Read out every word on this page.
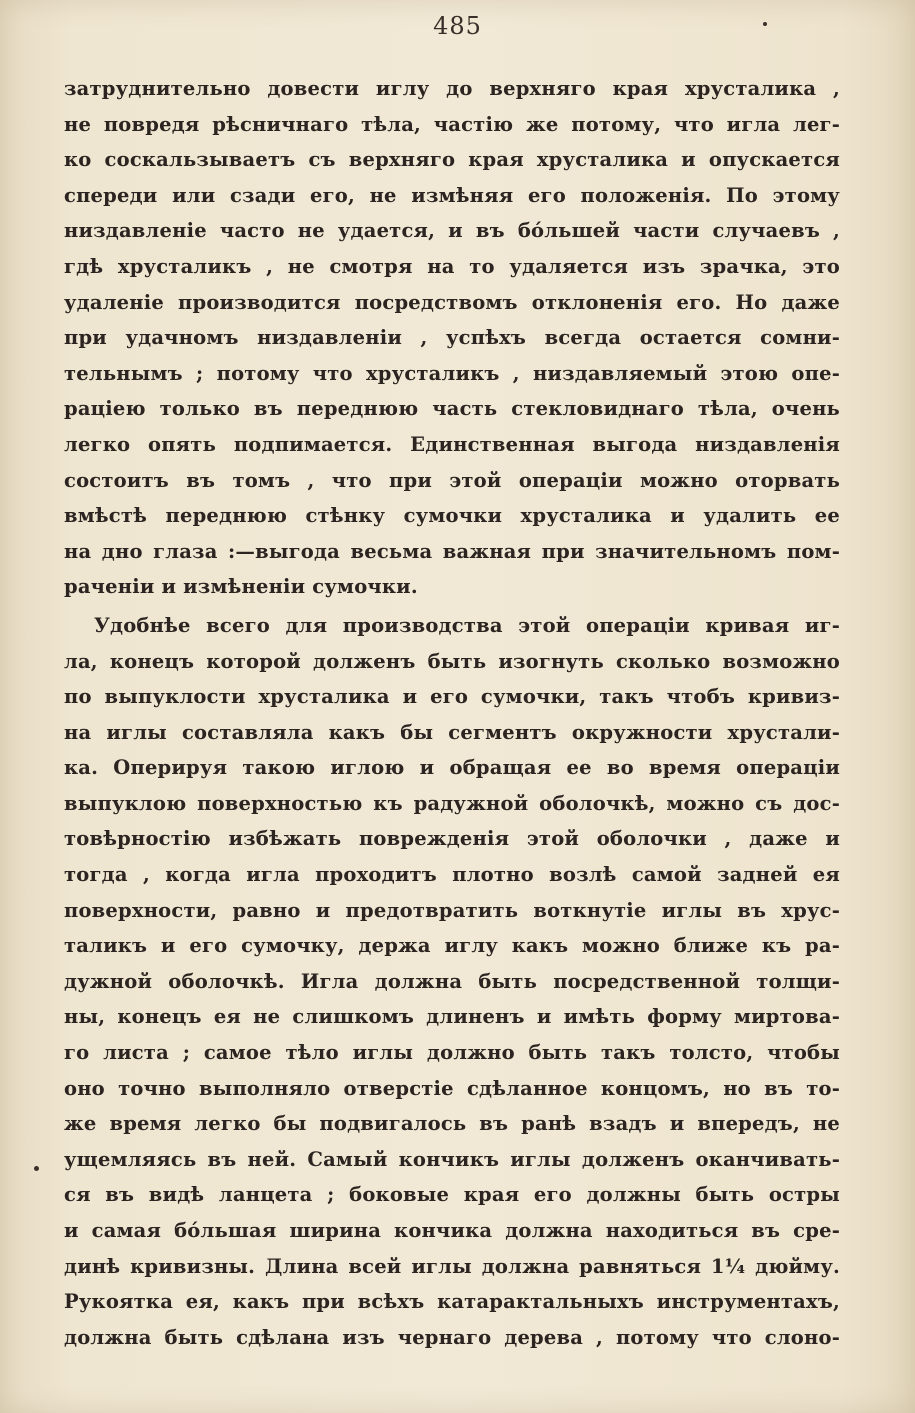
485
затруднительно довести иглу до верхняго края хрусталика ,
не повредя рѣсничнаго тѣла, частію же потому, что игла лег-
ко соскальзываетъ съ верхняго края хрусталика и опускается
спереди или сзади его, не измѣняя его положенія. По этому
низдавленіе часто не удается, и въ бо́льшей части случаевъ ,
гдѣ хрусталикъ , не смотря на то удаляется изъ зрачка, это
удаленіе производится посредствомъ отклоненія его. Но даже
при удачномъ низдавленіи , успѣхъ всегда остается сомни-
тельнымъ ; потому что хрусталикъ , низдавляемый этою опе-
раціею только въ переднюю часть стекловиднаго тѣла, очень
легко опять подпимается. Единственная выгода низдавленія
состоитъ въ томъ , что при этой операціи можно оторвать
вмѣстѣ переднюю стѣнку сумочки хрусталика и удалить ее
на дно глаза :—выгода весьма важная при значительномъ пом-
раченіи и измѣненіи сумочки.
Удобнѣе всего для производства этой операціи кривая иг-
ла, конецъ которой долженъ быть изогнуть сколько возможно
по выпуклости хрусталика и его сумочки, такъ чтобъ кривиз-
на иглы составляла какъ бы сегментъ окружности хрустали-
ка. Оперируя такою иглою и обращая ее во время операціи
выпуклою поверхностью къ радужной оболочкѣ, можно съ дос-
товѣрностію избѣжать поврежденія этой оболочки , даже и
тогда , когда игла проходитъ плотно возлѣ самой задней ея
поверхности, равно и предотвратить воткнутіе иглы въ хрус-
таликъ и его сумочку, держа иглу какъ можно ближе къ ра-
дужной оболочкѣ. Игла должна быть посредственной толщи-
ны, конецъ ея не слишкомъ длиненъ и имѣть форму миртова-
го листа ; самое тѣло иглы должно быть такъ толсто, чтобы
оно точно выполняло отверстіе сдѣланное концомъ, но въ то-
же время легко бы подвигалось въ ранѣ взадъ и впередъ, не
ущемляясь въ ней. Самый кончикъ иглы долженъ оканчивать-
ся въ видѣ ланцета ; боковые края его должны быть остры
и самая бо́льшая ширина кончика должна находиться въ сре-
динѣ кривизны. Длина всей иглы должна равняться 1¼ дюйму.
Рукоятка ея, какъ при всѣхъ катарактальныхъ инструментахъ,
должна быть сдѣлана изъ чернаго дерева , потому что слоно-
